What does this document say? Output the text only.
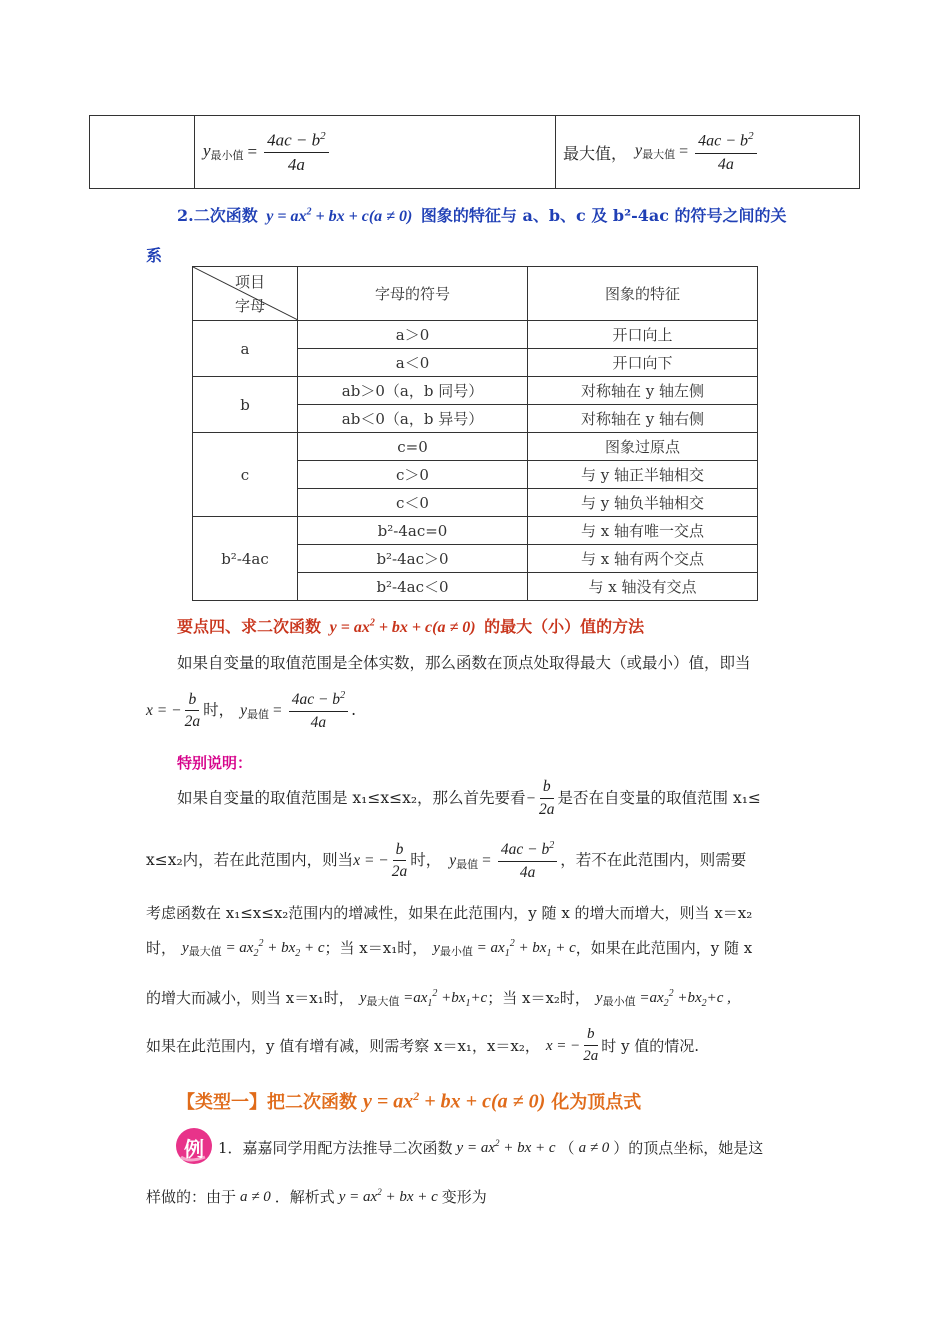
$y_{最小值} = \frac{4ac - b^2}{4a}$	最大值， $y_{最大值} = \frac{4ac - b^2}{4a}$
2.二次函数 $y = ax^2$ + bx + c(a ≠ 0) 图象的特征与 a、b、c 及 b²-4ac 的符号之间的关
系
项目
字母	字母的符号	图象的特征
a	a＞0	开口向上
	a＜0	开口向下
b	ab＞0（a，b 同号）	对称轴在 y 轴左侧
	ab＜0（a，b 异号）	对称轴在 y 轴右侧
c	c=0	图象过原点
	c＞0	与 y 轴正半轴相交
	c＜0	与 y 轴负半轴相交
b²-4ac	b²-4ac=0	与 x 轴有唯一交点
	b²-4ac＞0	与 x 轴有两个交点
	b²-4ac＜0	与 x 轴没有交点
要点四、求二次函数 $y = ax^2$ + bx + c(a ≠ 0) 的最大（小）值的方法
如果自变量的取值范围是全体实数，那么函数在顶点处取得最大（或最小）值，即当
x = − $\frac{b}{2a}$ 时， $y_{最值} = \frac{4ac - b^2}{4a}$ .
特别说明：
如果自变量的取值范围是 x₁≤x≤x₂，那么首先要看 − $\frac{b}{2a}$ 是否在自变量的取值范围 x₁≤
x≤x₂内，若在此范围内，则当 x = − $\frac{b}{2a}$ 时， $y_{最值} = \frac{4ac - b^2}{4a}$ ，若不在此范围内，则需要
考虑函数在 x₁≤x≤x₂范围内的增减性，如果在此范围内，y 随 x 的增大而增大，则当 x＝x₂
时， $y_{最大值} = ax_2^2 + bx_2 + c$ ；当 x＝x₁时， $y_{最小值} = ax_1^2 + bx_1 + c$ ，如果在此范围内，y 随 x
的增大而减小，则当 x＝x₁时， $y_{最大值} =ax_1^2 +bx_1+c$ ；当 x＝x₂时， $y_{最小值} =ax_2^2 +bx_2+c$ ,
如果在此范围内，y 值有增有减，则需考察 x＝x₁，x＝x₂， x = − $\frac{b}{2a}$ 时 y 值的情况.
【类型一】把二次函数 $y = ax^2$ + bx + c(a ≠ 0) 化为顶点式
例 1．嘉嘉同学用配方法推导二次函数 $y = ax^2$ + bx + c （ a ≠ 0 ）的顶点坐标，她是这
样做的：由于 a ≠ 0 ．解析式 $y = ax^2$ + bx + c 变形为
